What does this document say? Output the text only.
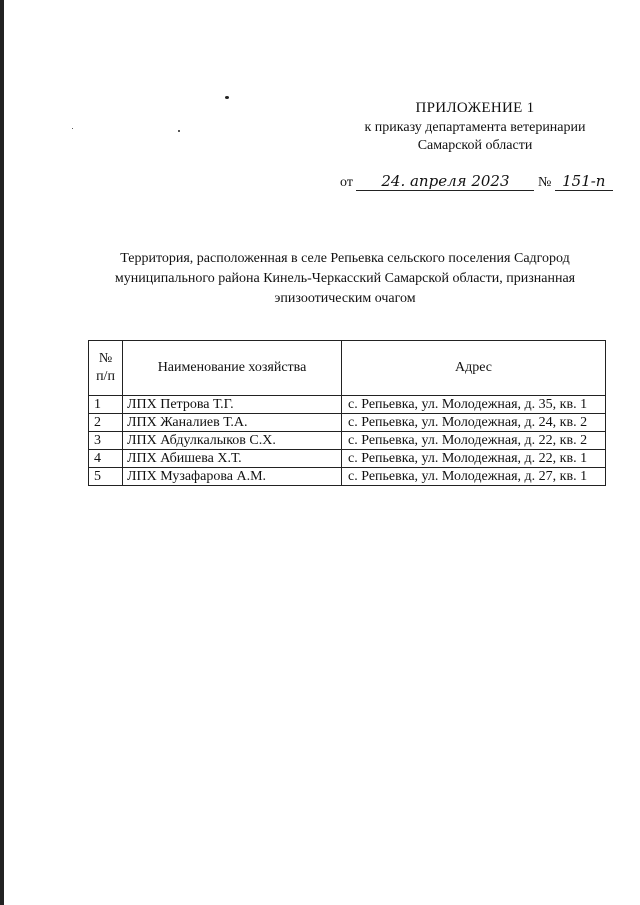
ПРИЛОЖЕНИЕ 1
к приказу департамента ветеринарии
Самарской области
от 24. апреля 2023 № 151-п
Территория, расположенная в селе Репьевка сельского поселения Садгород муниципального района Кинель-Черкасский Самарской области, признанная эпизоотическим очагом
№
п/п	Наименование хозяйства	Адрес
1	ЛПХ Петрова Т.Г.	с. Репьевка, ул. Молодежная, д. 35, кв. 1
2	ЛПХ Жаналиев Т.А.	с. Репьевка, ул. Молодежная, д. 24, кв. 2
3	ЛПХ Абдулкалыков С.Х.	с. Репьевка, ул. Молодежная, д. 22, кв. 2
4	ЛПХ Абишева Х.Т.	с. Репьевка, ул. Молодежная, д. 22, кв. 1
5	ЛПХ Музафарова А.М.	с. Репьевка, ул. Молодежная, д. 27, кв. 1
